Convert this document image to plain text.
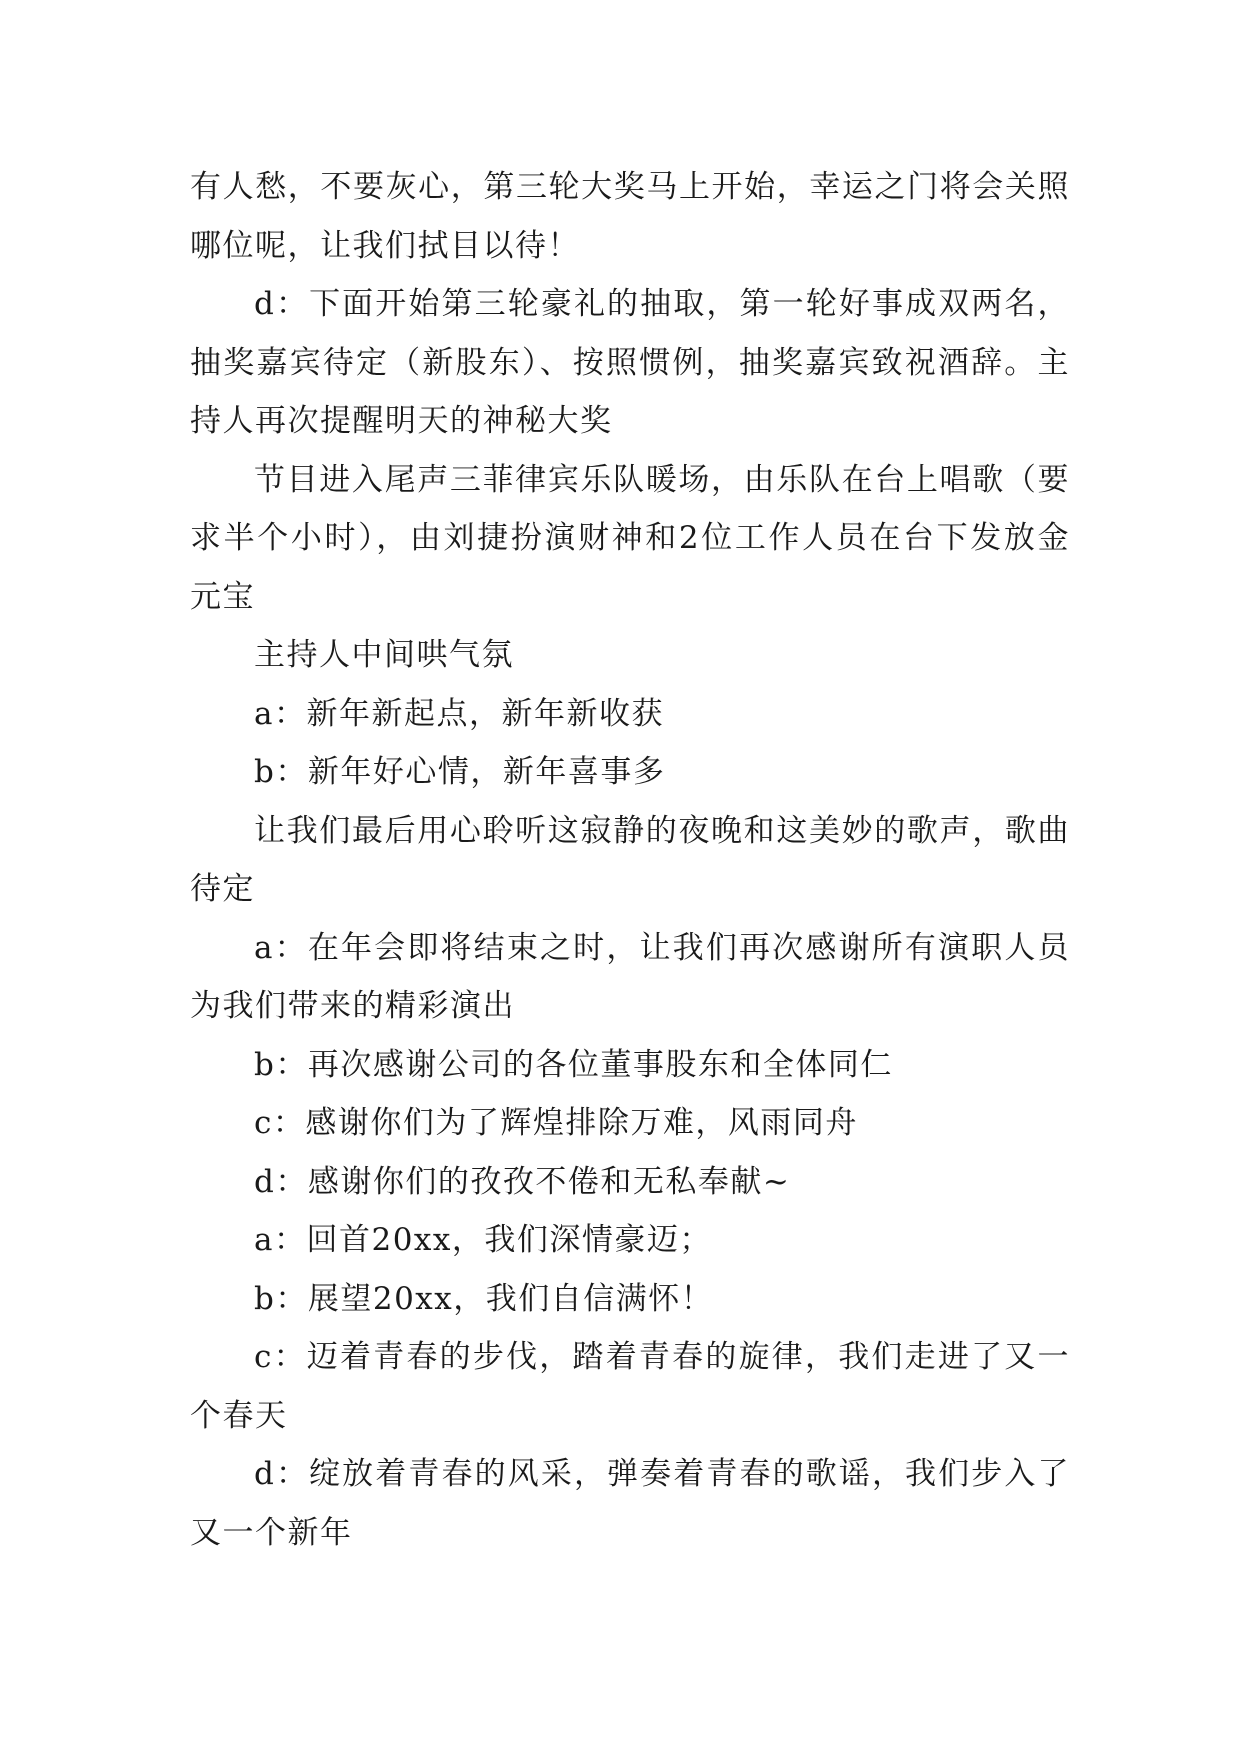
有人愁，不要灰心，第三轮大奖马上开始，幸运之门将会关照哪位呢，让我们拭目以待！

d：下面开始第三轮豪礼的抽取，第一轮好事成双两名，抽奖嘉宾待定（新股东）、按照惯例，抽奖嘉宾致祝酒辞。主持人再次提醒明天的神秘大奖

节目进入尾声三菲律宾乐队暖场，由乐队在台上唱歌（要求半个小时），由刘捷扮演财神和2位工作人员在台下发放金元宝

主持人中间哄气氛

a：新年新起点，新年新收获

b：新年好心情，新年喜事多

让我们最后用心聆听这寂静的夜晚和这美妙的歌声，歌曲待定

a：在年会即将结束之时，让我们再次感谢所有演职人员为我们带来的精彩演出

b：再次感谢公司的各位董事股东和全体同仁

c：感谢你们为了辉煌排除万难，风雨同舟

d：感谢你们的孜孜不倦和无私奉献~

a：回首20xx，我们深情豪迈；

b：展望20xx，我们自信满怀！

c：迈着青春的步伐，踏着青春的旋律，我们走进了又一个春天

d：绽放着青春的风采，弹奏着青春的歌谣，我们步入了又一个新年
